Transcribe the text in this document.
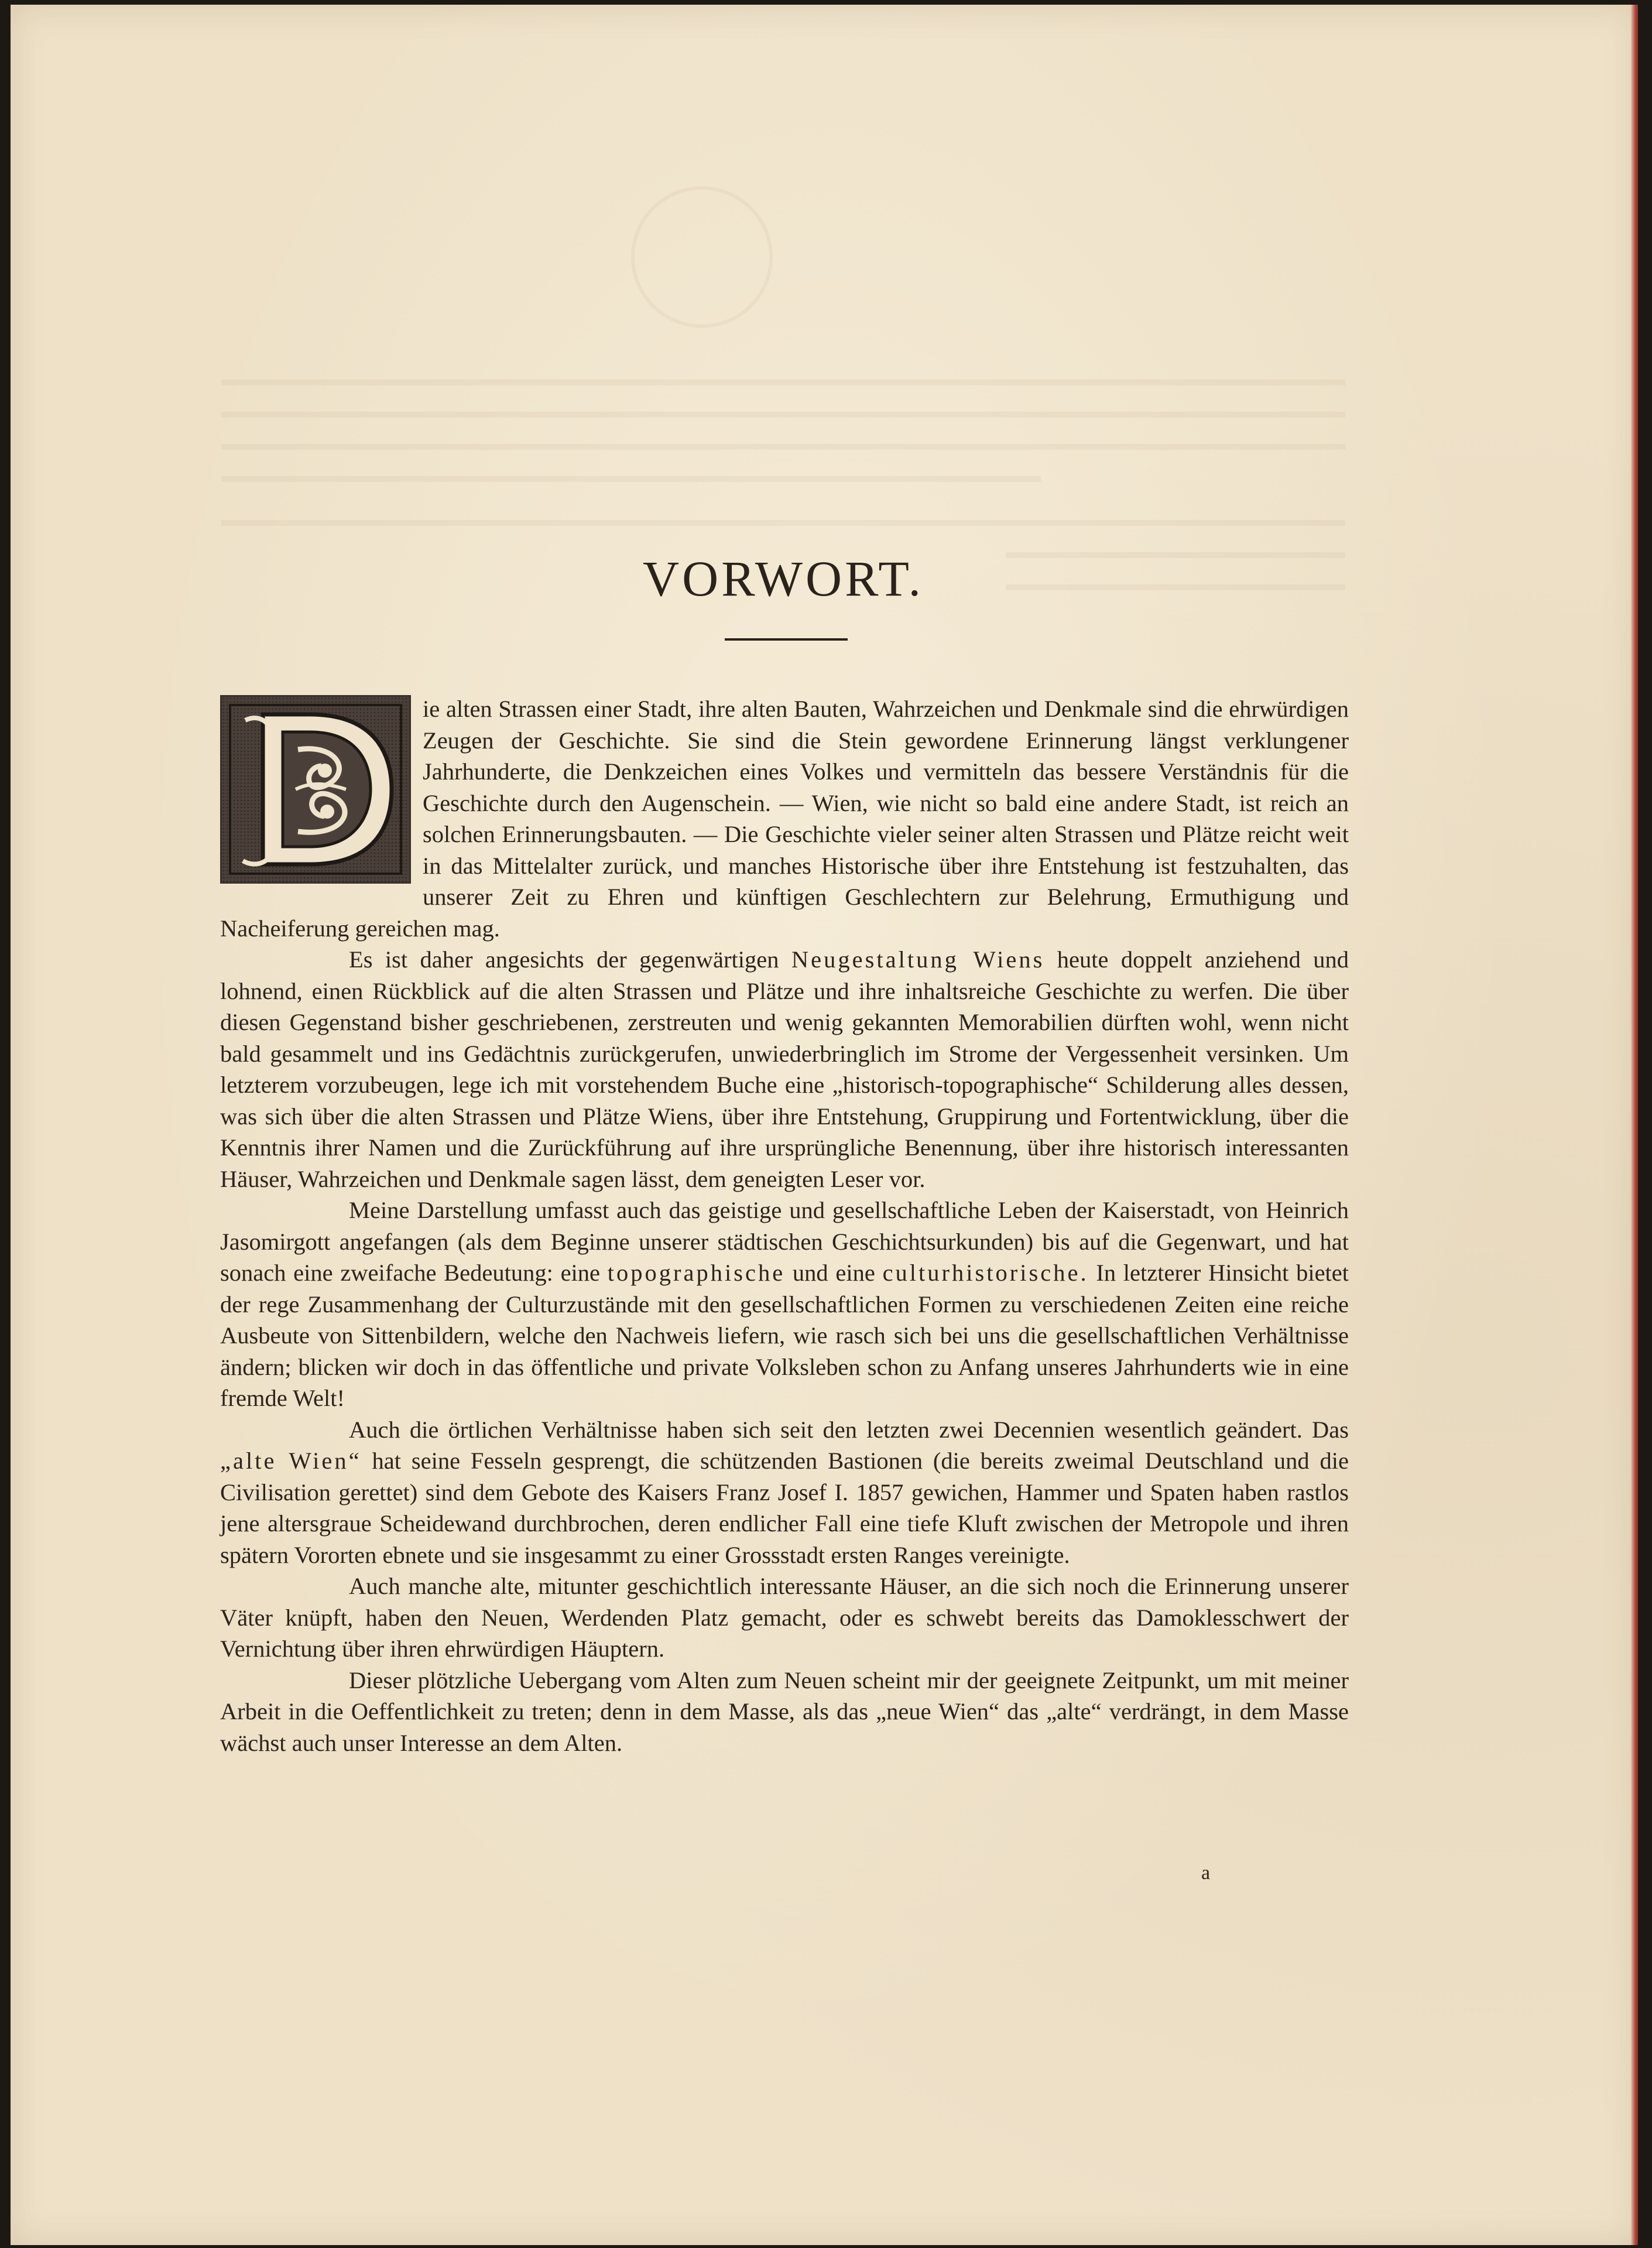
VORWORT.

ie alten Strassen einer Stadt, ihre alten Bauten, Wahrzeichen und Denkmale sind die ehrwürdigen Zeugen der Geschichte. Sie sind die Stein gewordene Erinnerung längst verklungener Jahrhunderte, die Denkzeichen eines Volkes und vermitteln das bessere Verständnis für die Geschichte durch den Augenschein. — Wien, wie nicht so bald eine andere Stadt, ist reich an solchen Erinnerungsbauten. — Die Geschichte vieler seiner alten Strassen und Plätze reicht weit in das Mittelalter zurück, und manches Historische über ihre Entstehung ist festzuhalten, das unserer Zeit zu Ehren und künftigen Geschlechtern zur Belehrung, Ermuthigung und Nacheiferung gereichen mag.

Es ist daher angesichts der gegenwärtigen Neugestaltung Wiens heute doppelt anziehend und lohnend, einen Rückblick auf die alten Strassen und Plätze und ihre inhaltsreiche Geschichte zu werfen. Die über diesen Gegenstand bisher geschriebenen, zerstreuten und wenig gekannten Memorabilien dürften wohl, wenn nicht bald gesammelt und ins Gedächtnis zurückgerufen, unwiederbringlich im Strome der Vergessenheit versinken. Um letzterem vorzubeugen, lege ich mit vorstehendem Buche eine „historisch-topographische“ Schilderung alles dessen, was sich über die alten Strassen und Plätze Wiens, über ihre Entstehung, Gruppirung und Fortentwicklung, über die Kenntnis ihrer Namen und die Zurückführung auf ihre ursprüngliche Benennung, über ihre historisch interessanten Häuser, Wahrzeichen und Denkmale sagen lässt, dem geneigten Leser vor.

Meine Darstellung umfasst auch das geistige und gesellschaftliche Leben der Kaiserstadt, von Heinrich Jasomirgott angefangen (als dem Beginne unserer städtischen Geschichtsurkunden) bis auf die Gegenwart, und hat sonach eine zweifache Bedeutung: eine topographische und eine culturhistorische. In letzterer Hinsicht bietet der rege Zusammenhang der Culturzustände mit den gesellschaftlichen Formen zu verschiedenen Zeiten eine reiche Ausbeute von Sittenbildern, welche den Nachweis liefern, wie rasch sich bei uns die gesellschaftlichen Verhältnisse ändern; blicken wir doch in das öffentliche und private Volksleben schon zu Anfang unseres Jahrhunderts wie in eine fremde Welt!

Auch die örtlichen Verhältnisse haben sich seit den letzten zwei Decennien wesentlich geändert. Das „alte Wien“ hat seine Fesseln gesprengt, die schützenden Bastionen (die bereits zweimal Deutschland und die Civilisation gerettet) sind dem Gebote des Kaisers Franz Josef I. 1857 gewichen, Hammer und Spaten haben rastlos jene altersgraue Scheidewand durchbrochen, deren endlicher Fall eine tiefe Kluft zwischen der Metropole und ihren spätern Vororten ebnete und sie insgesammt zu einer Grossstadt ersten Ranges vereinigte.

Auch manche alte, mitunter geschichtlich interessante Häuser, an die sich noch die Erinnerung unserer Väter knüpft, haben den Neuen, Werdenden Platz gemacht, oder es schwebt bereits das Damoklesschwert der Vernichtung über ihren ehrwürdigen Häuptern.

Dieser plötzliche Uebergang vom Alten zum Neuen scheint mir der geeignete Zeitpunkt, um mit meiner Arbeit in die Oeffentlichkeit zu treten; denn in dem Masse, als das „neue Wien“ das „alte“ verdrängt, in dem Masse wächst auch unser Interesse an dem Alten.

a
